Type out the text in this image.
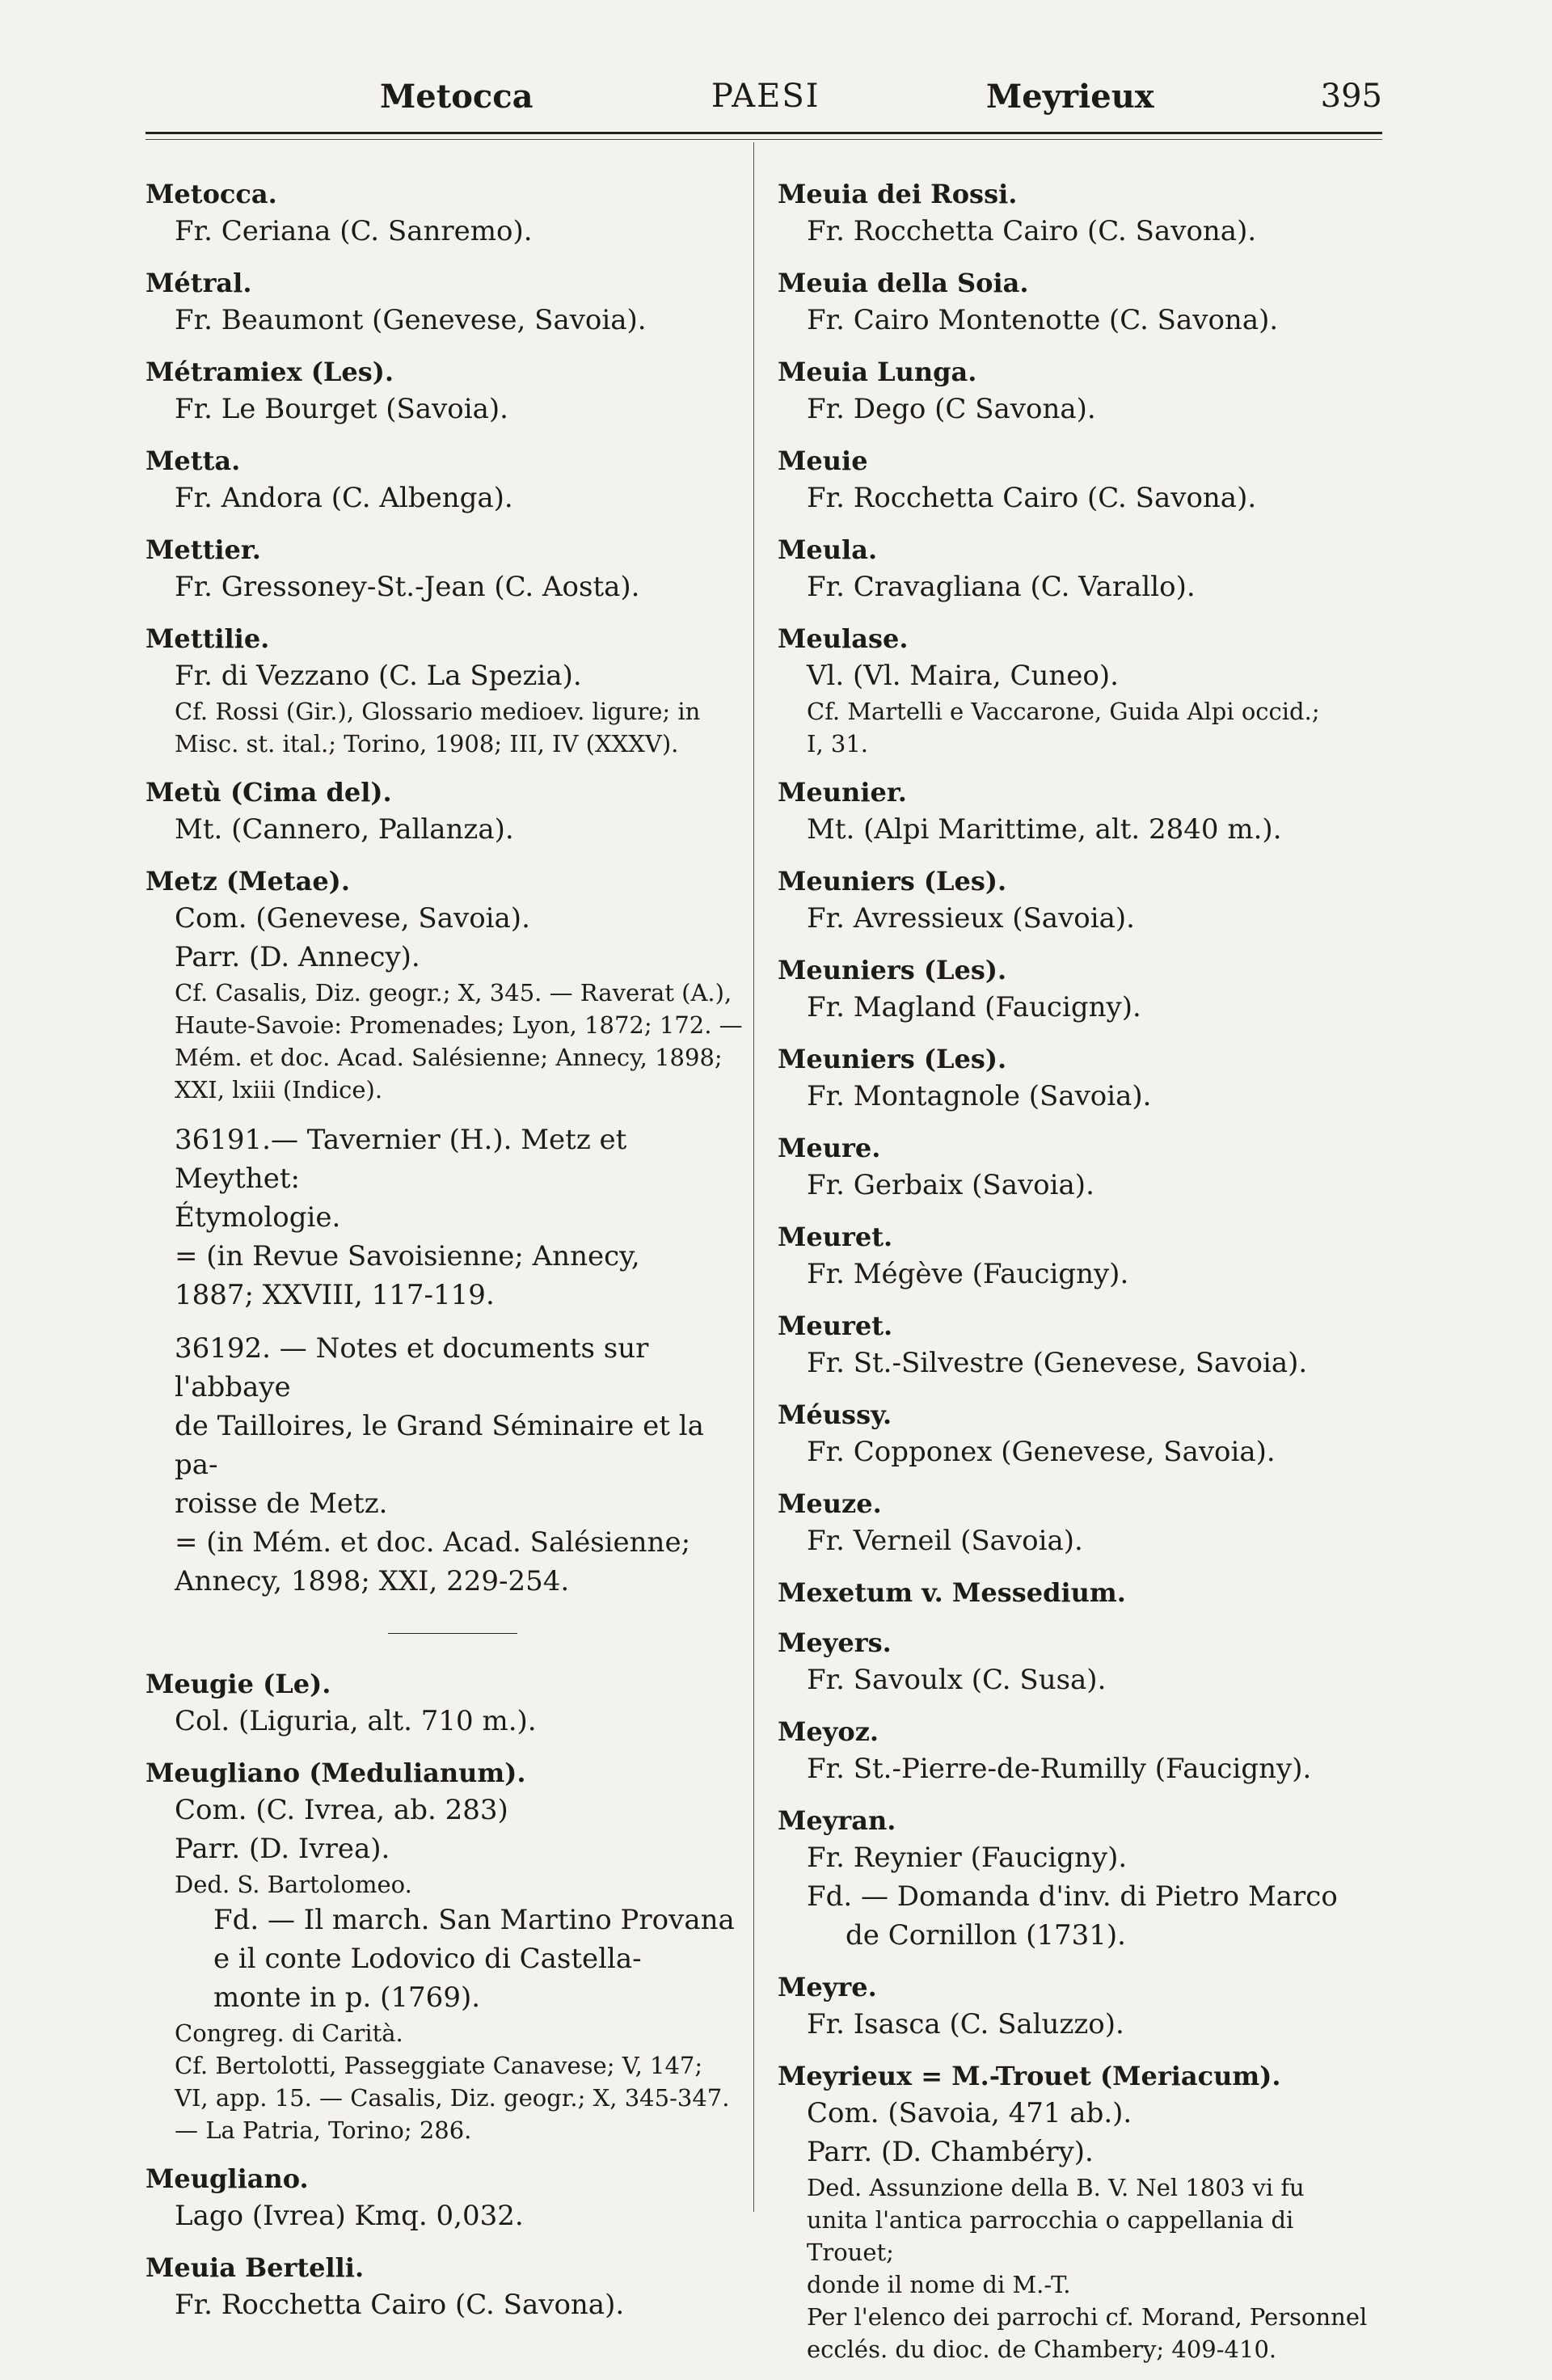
Metocca	PAESI	Meyrieux	395
Metocca.
Fr. Ceriana (C. Sanremo).
Métral.
Fr. Beaumont (Genevese, Savoia).
Métramiex (Les).
Fr. Le Bourget (Savoia).
Metta.
Fr. Andora (C. Albenga).
Mettier.
Fr. Gressoney-St.-Jean (C. Aosta).
Mettilie.
Fr. di Vezzano (C. La Spezia).
Cf. Rossi (Gir.), Glossario medioev. ligure; in
Misc. st. ital.; Torino, 1908; III, IV (XXXV).
Metù (Cima del).
Mt. (Cannero, Pallanza).
Metz (Metae).
Com. (Genevese, Savoia).
Parr. (D. Annecy).
Cf. Casalis, Diz. geogr.; X, 345. — Raverat (A.),
Haute-Savoie: Promenades; Lyon, 1872; 172. —
Mém. et doc. Acad. Salésienne; Annecy, 1898;
XXI, lxiii (Indice).
36191.— Tavernier (H.). Metz et Meythet:
Étymologie.
= (in Revue Savoisienne; Annecy,
1887; XXVIII, 117-119.
36192. — Notes et documents sur l'abbaye
de Tailloires, le Grand Séminaire et la pa-
roisse de Metz.
= (in Mém. et doc. Acad. Salésienne;
Annecy, 1898; XXI, 229-254.
Meugie (Le).
Col. (Liguria, alt. 710 m.).
Meugliano (Medulianum).
Com. (C. Ivrea, ab. 283)
Parr. (D. Ivrea).
Ded. S. Bartolomeo.
Fd. — Il march. San Martino Provana
e il conte Lodovico di Castella-
monte in p. (1769).
Congreg. di Carità.
Cf. Bertolotti, Passeggiate Canavese; V, 147;
VI, app. 15. — Casalis, Diz. geogr.; X, 345-347.
— La Patria, Torino; 286.
Meugliano.
Lago (Ivrea) Kmq. 0,032.
Meuia Bertelli.
Fr. Rocchetta Cairo (C. Savona).
Meuia dei Rossi.
Fr. Rocchetta Cairo (C. Savona).
Meuia della Soia.
Fr. Cairo Montenotte (C. Savona).
Meuia Lunga.
Fr. Dego (C Savona).
Meuie
Fr. Rocchetta Cairo (C. Savona).
Meula.
Fr. Cravagliana (C. Varallo).
Meulase.
Vl. (Vl. Maira, Cuneo).
Cf. Martelli e Vaccarone, Guida Alpi occid.;
I, 31.
Meunier.
Mt. (Alpi Marittime, alt. 2840 m.).
Meuniers (Les).
Fr. Avressieux (Savoia).
Meuniers (Les).
Fr. Magland (Faucigny).
Meuniers (Les).
Fr. Montagnole (Savoia).
Meure.
Fr. Gerbaix (Savoia).
Meuret.
Fr. Mégève (Faucigny).
Meuret.
Fr. St.-Silvestre (Genevese, Savoia).
Méussy.
Fr. Copponex (Genevese, Savoia).
Meuze.
Fr. Verneil (Savoia).
Mexetum v. Messedium.
Meyers.
Fr. Savoulx (C. Susa).
Meyoz.
Fr. St.-Pierre-de-Rumilly (Faucigny).
Meyran.
Fr. Reynier (Faucigny).
Fd. — Domanda d'inv. di Pietro Marco
de Cornillon (1731).
Meyre.
Fr. Isasca (C. Saluzzo).
Meyrieux = M.-Trouet (Meriacum).
Com. (Savoia, 471 ab.).
Parr. (D. Chambéry).
Ded. Assunzione della B. V. Nel 1803 vi fu
unita l'antica parrocchia o cappellania di Trouet;
donde il nome di M.-T.
Per l'elenco dei parrochi cf. Morand, Personnel
ecclés. du dioc. de Chambery; 409-410.
